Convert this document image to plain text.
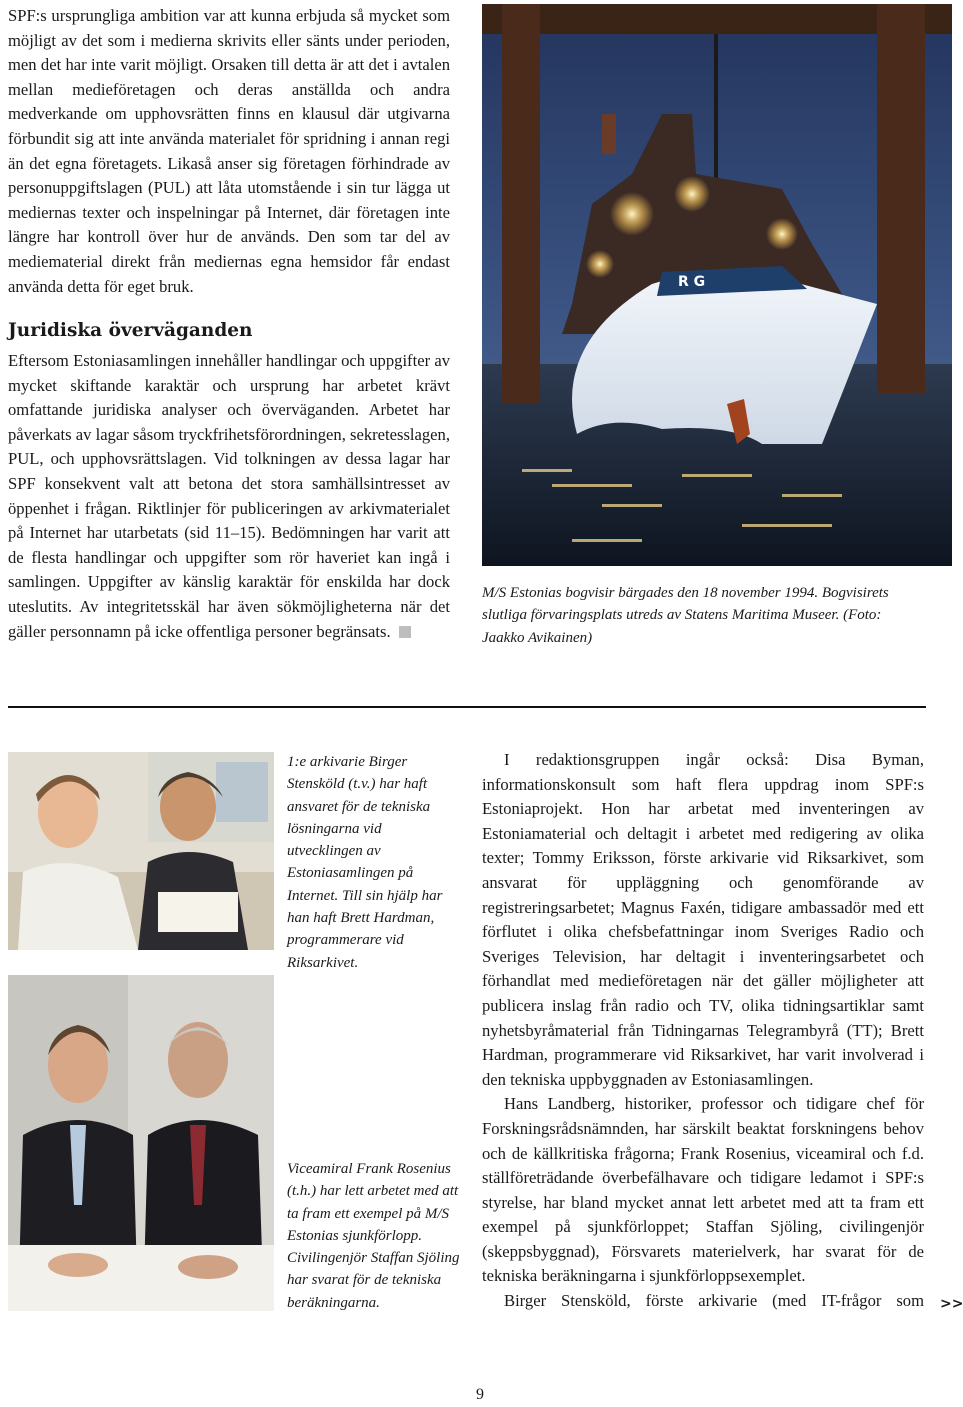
SPF:s ursprungliga ambition var att kunna erbjuda så mycket som möjligt av det som i medierna skrivits eller sänts under perioden, men det har inte varit möjligt. Orsaken till detta är att det i avtalen mellan medieföretagen och deras anställda och andra medverkande om upphovsrätten finns en klausul där utgivarna förbundit sig att inte använda materialet för spridning i annan regi än det egna företagets. Likaså anser sig företagen förhindrade av personuppgiftslagen (PUL) att låta utomstående i sin tur lägga ut mediernas texter och inspelningar på Internet, där företagen inte längre har kontroll över hur de används. Den som tar del av mediematerial direkt från mediernas egna hemsidor får endast använda detta för eget bruk.

Juridiska överväganden

Eftersom Estoniasamlingen innehåller handlingar och uppgifter av mycket skiftande karaktär och ursprung har arbetet krävt omfattande juridiska analyser och överväganden. Arbetet har påverkats av lagar såsom tryckfrihetsförordningen, sekretesslagen, PUL, och upphovsrättslagen. Vid tolkningen av dessa lagar har SPF konsekvent valt att betona det stora samhällsintresset av öppenhet i frågan. Riktlinjer för publiceringen av arkivmaterialet på Internet har utarbetats (sid 11–15). Bedömningen har varit att de flesta handlingar och uppgifter som rör haveriet kan ingå i samlingen. Uppgifter av känslig karaktär för enskilda har dock uteslutits. Av integritetsskäl har även sökmöjligheterna när det gäller personnamn på icke offentliga personer begränsats.

R G

M/S Estonias bogvisir bärgades den 18 november 1994. Bogvisirets slutliga förvaringsplats utreds av Statens Maritima Museer. (Foto: Jaakko Avikainen)

1:e arkivarie Birger Stensköld (t.v.) har haft ansvaret för de tekniska lösningarna vid utvecklingen av Estoniasamlingen på Internet. Till sin hjälp har han haft Brett Hardman, programmerare vid Riksarkivet.

Viceamiral Frank Rosenius (t.h.) har lett arbetet med att ta fram ett exempel på M/S Estonias sjunkförlopp. Civilingenjör Staffan Sjöling har svarat för de tekniska beräkningarna.

I redaktionsgruppen ingår också: Disa Byman, informationskonsult som haft flera uppdrag inom SPF:s Estoniaprojekt. Hon har arbetat med inventeringen av Estoniamaterial och deltagit i arbetet med redigering av olika texter; Tommy Eriksson, förste arkivarie vid Riksarkivet, som ansvarat för uppläggning och genomförande av registreringsarbetet; Magnus Faxén, tidigare ambassadör med ett förflutet i olika chefsbefattningar inom Sveriges Radio och Sveriges Television, har deltagit i inventeringsarbetet och förhandlat med medieföretagen när det gäller möjligheter att publicera inslag från radio och TV, olika tidningsartiklar samt nyhetsbyråmaterial från Tidningarnas Telegrambyrå (TT); Brett Hardman, programmerare vid Riksarkivet, har varit involverad i den tekniska uppbyggnaden av Estoniasamlingen.

Hans Landberg, historiker, professor och tidigare chef för Forskningsrådsnämnden, har särskilt beaktat forskningens behov och de källkritiska frågorna; Frank Rosenius, viceamiral och f.d. ställföreträdande överbefälhavare och tidigare ledamot i SPF:s styrelse, har bland mycket annat lett arbetet med att ta fram ett exempel på sjunkförloppet; Staffan Sjöling, civilingenjör (skeppsbyggnad), Försvarets materielverk, har svarat för de tekniska beräkningarna i sjunkförloppsexemplet.

Birger Stensköld, förste arkivarie (med IT-frågor som >>
9
